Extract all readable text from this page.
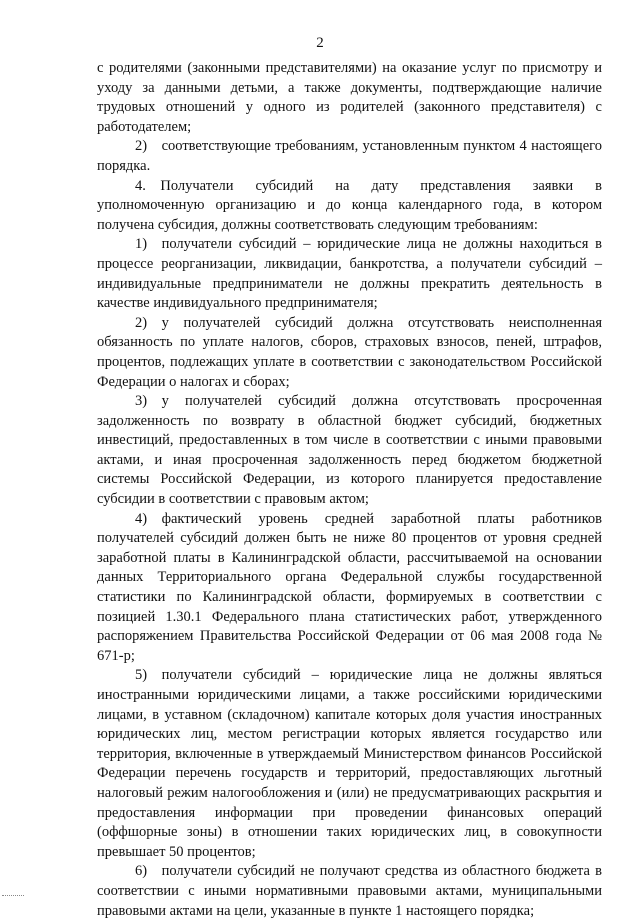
2

с родителями (законными представителями) на оказание услуг по присмотру и уходу за данными детьми, а также документы, подтверждающие наличие трудовых отношений у одного из родителей (законного представителя) с работодателем;

2) соответствующие требованиям, установленным пунктом 4 настоящего порядка.

4. Получатели субсидий на дату представления заявки в уполномоченную организацию и до конца календарного года, в котором получена субсидия, должны соответствовать следующим требованиям:

1) получатели субсидий – юридические лица не должны находиться в процессе реорганизации, ликвидации, банкротства, а получатели субсидий – индивидуальные предприниматели не должны прекратить деятельность в качестве индивидуального предпринимателя;

2) у получателей субсидий должна отсутствовать неисполненная обязанность по уплате налогов, сборов, страховых взносов, пеней, штрафов, процентов, подлежащих уплате в соответствии с законодательством Российской Федерации о налогах и сборах;

3) у получателей субсидий должна отсутствовать просроченная задолженность по возврату в областной бюджет субсидий, бюджетных инвестиций, предоставленных в том числе в соответствии с иными правовыми актами, и иная просроченная задолженность перед бюджетом бюджетной системы Российской Федерации, из которого планируется предоставление субсидии в соответствии с правовым актом;

4) фактический уровень средней заработной платы работников получателей субсидий должен быть не ниже 80 процентов от уровня средней заработной платы в Калининградской области, рассчитываемой на основании данных Территориального органа Федеральной службы государственной статистики по Калининградской области, формируемых в соответствии с позицией 1.30.1 Федерального плана статистических работ, утвержденного распоряжением Правительства Российской Федерации от 06 мая 2008 года № 671-р;

5) получатели субсидий – юридические лица не должны являться иностранными юридическими лицами, а также российскими юридическими лицами, в уставном (складочном) капитале которых доля участия иностранных юридических лиц, местом регистрации которых является государство или территория, включенные в утверждаемый Министерством финансов Российской Федерации перечень государств и территорий, предоставляющих льготный налоговый режим налогообложения и (или) не предусматривающих раскрытия и предоставления информации при проведении финансовых операций (оффшорные зоны) в отношении таких юридических лиц, в совокупности превышает 50 процентов;

6) получатели субсидий не получают средства из областного бюджета в соответствии с иными нормативными правовыми актами, муниципальными правовыми актами на цели, указанные в пункте 1 настоящего порядка;
